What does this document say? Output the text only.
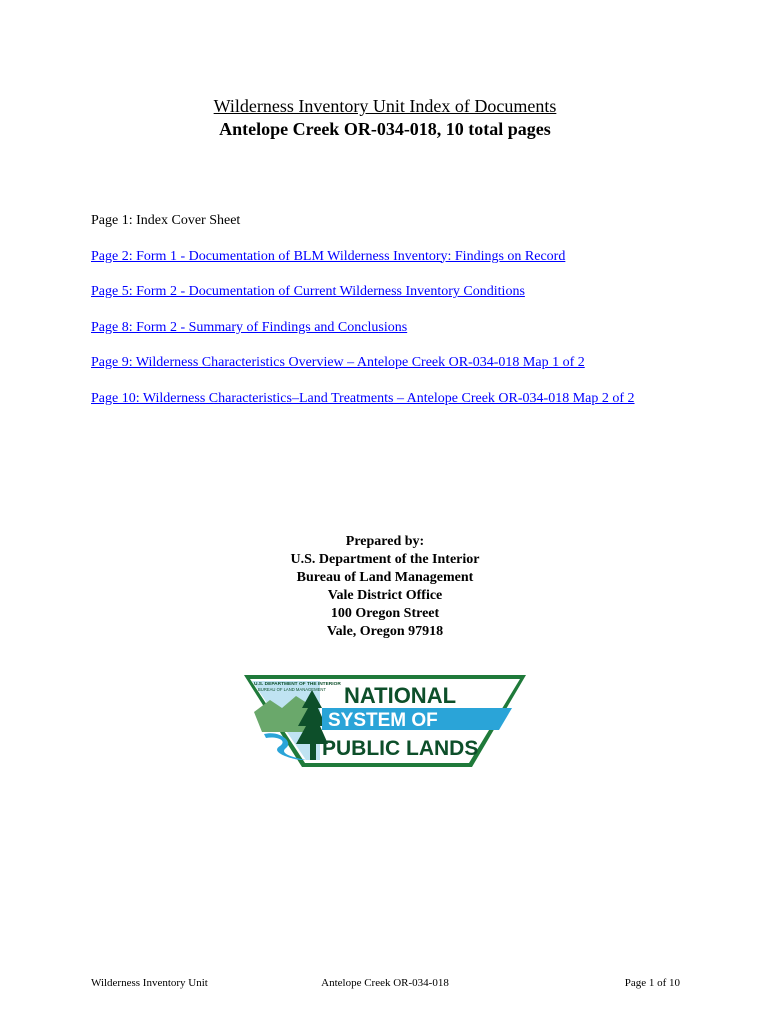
Wilderness Inventory Unit Index of Documents
Antelope Creek OR-034-018, 10 total pages
Page 1: Index Cover Sheet
Page 2: Form 1 - Documentation of BLM Wilderness Inventory: Findings on Record
Page 5: Form 2 - Documentation of Current Wilderness Inventory Conditions
Page 8: Form 2 - Summary of Findings and Conclusions
Page 9: Wilderness Characteristics Overview – Antelope Creek OR-034-018 Map 1 of 2
Page 10: Wilderness Characteristics–Land Treatments – Antelope Creek OR-034-018 Map 2 of 2
Prepared by:
U.S. Department of the Interior
Bureau of Land Management
Vale District Office
100 Oregon Street
Vale, Oregon 97918
U.S. DEPARTMENT OF THE INTERIOR
BUREAU OF LAND MANAGEMENT NATIONAL
SYSTEM OF
PUBLIC LANDS
Wilderness Inventory Unit	Antelope Creek OR-034-018	Page 1 of 10
